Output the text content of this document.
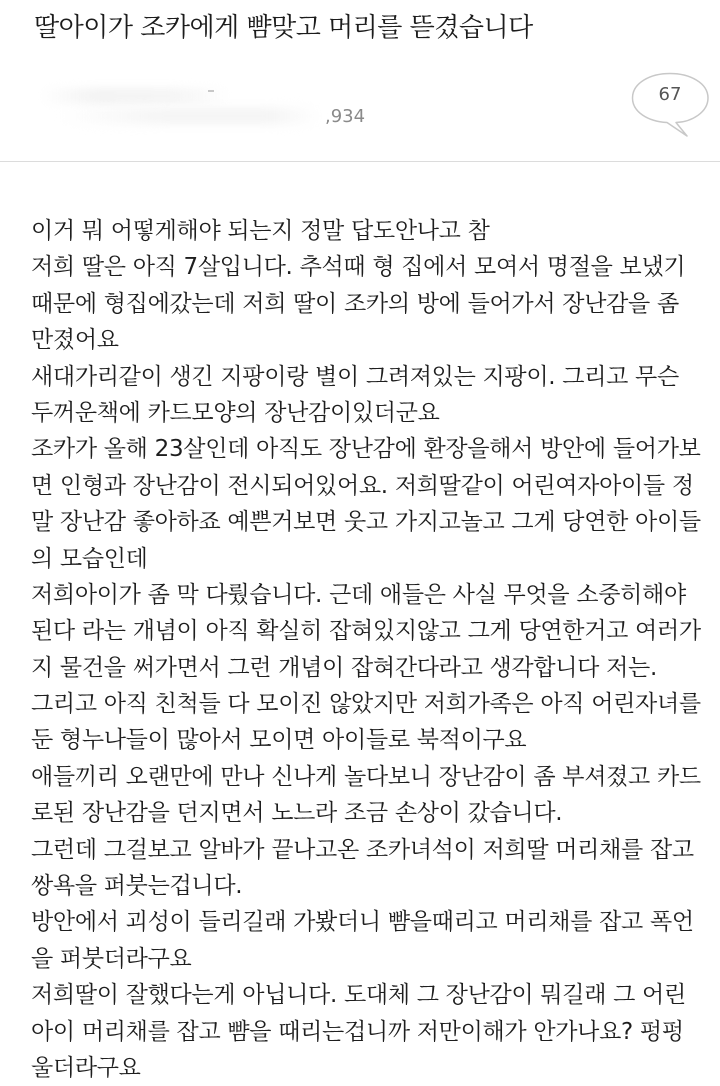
딸아이가 조카에게 뺨맞고 머리를 뜯겼습니다
,934
67
이거 뭐 어떻게해야 되는지 정말 답도안나고 참
저희 딸은 아직 7살입니다. 추석때 형 집에서 모여서 명절을 보냈기
때문에 형집에갔는데 저희 딸이 조카의 방에 들어가서 장난감을 좀
만졌어요
새대가리같이 생긴 지팡이랑 별이 그려져있는 지팡이. 그리고 무슨
두꺼운책에 카드모양의 장난감이있더군요
조카가 올해 23살인데 아직도 장난감에 환장을해서 방안에 들어가보
면 인형과 장난감이 전시되어있어요. 저희딸같이 어린여자아이들 정
말 장난감 좋아하죠 예쁜거보면 웃고 가지고놀고 그게 당연한 아이들
의 모습인데
저희아이가 좀 막 다뤘습니다. 근데 애들은 사실 무엇을 소중히해야
된다 라는 개념이 아직 확실히 잡혀있지않고 그게 당연한거고 여러가
지 물건을 써가면서 그런 개념이 잡혀간다라고 생각합니다 저는.
그리고 아직 친척들 다 모이진 않았지만 저희가족은 아직 어린자녀를
둔 형누나들이 많아서 모이면 아이들로 북적이구요
애들끼리 오랜만에 만나 신나게 놀다보니 장난감이 좀 부셔졌고 카드
로된 장난감을 던지면서 노느라 조금 손상이 갔습니다.
그런데 그걸보고 알바가 끝나고온 조카녀석이 저희딸 머리채를 잡고
쌍욕을 퍼붓는겁니다.
방안에서 괴성이 들리길래 가봤더니 뺨을때리고 머리채를 잡고 폭언
을 퍼붓더라구요
저희딸이 잘했다는게 아닙니다. 도대체 그 장난감이 뭐길래 그 어린
아이 머리채를 잡고 뺨을 때리는겁니까 저만이해가 안가나요? 펑펑
울더라구요
